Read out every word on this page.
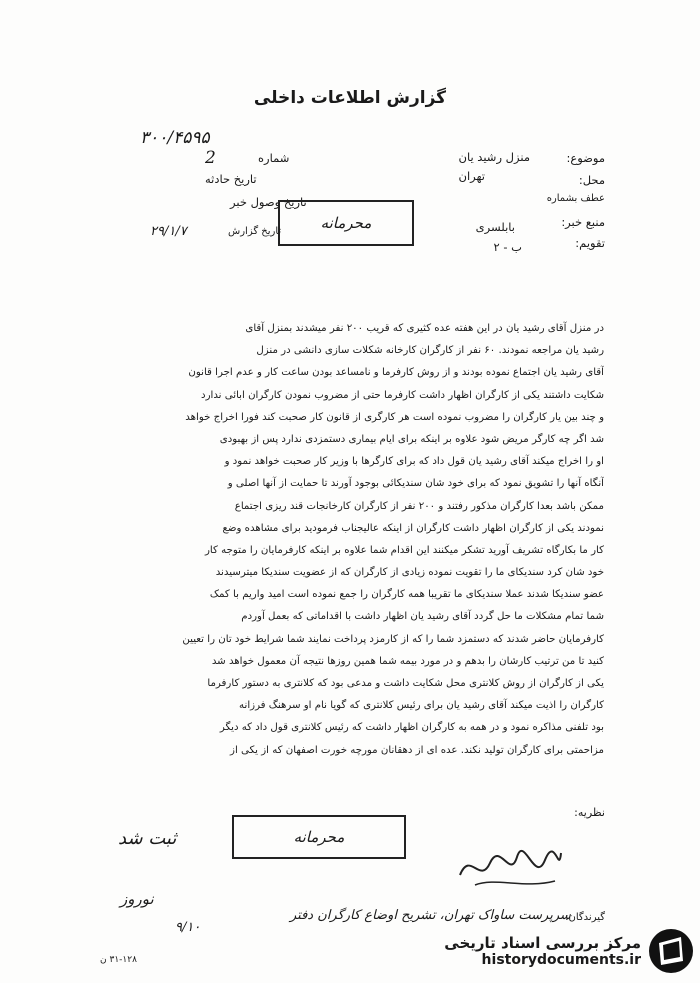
گزارش اطلاعات داخلی
موضوع:
منزل رشید یان
محل:
تهران
عطف بشماره
منبع خبر:
بابلسری
تقویم:
ب - ۲
۳۰۰/۴۵۹۵
2	شماره
تاریخ حادثه
تاریخ وصول خبر
تاریخ گزارش
۲۹/۱/۷	محرمانه
در منزل آقای رشید یان در این هفته عده کثیری که قریب ۲۰۰ نفر میشدند بمنزل آقای
رشید یان مراجعه نمودند. ۶۰ نفر از کارگران کارخانه شکلات سازی دانشی در منزل
آقای رشید یان اجتماع نموده بودند و از روش کارفرما و نامساعد بودن ساعت کار و عدم اجرا قانون
شکایت داشتند یکی از کارگران اظهار داشت کارفرما حتی از مضروب نمودن کارگران ابائی ندارد
و چند بین یار کارگران را مضروب نموده است هر کارگری از قانون کار صحبت کند فورا اخراج خواهد
شد اگر چه کارگر مریض شود علاوه بر اینکه برای ایام بیماری دستمزدی ندارد پس از بهبودی
او را اخراج میکند آقای رشید یان قول داد که برای کارگرها با وزیر کار صحبت خواهد نمود و
آنگاه آنها را تشویق نمود که برای خود شان سندیکائی بوجود آورند تا حمایت از آنها اصلی و
ممکن باشد بعدا کارگران مذکور رفتند و ۲۰۰ نفر از کارگران کارخانجات قند ریزی اجتماع
نمودند یکی از کارگران اظهار داشت کارگران از اینکه عالیجناب فرمودید برای مشاهده وضع
کار ما بکارگاه تشریف آورید تشکر میکنند این اقدام شما علاوه بر اینکه کارفرمایان را متوجه کار
خود شان کرد سندیکای ما را تقویت نموده زیادی از کارگران که از عضویت سندیکا میترسیدند
عضو سندیکا شدند عملا سندیکای ما تقریبا همه کارگران را جمع نموده است امید واریم با کمک
شما تمام مشکلات ما حل گردد آقای رشید یان اظهار داشت با اقداماتی که بعمل آوردم
کارفرمایان حاضر شدند که دستمزد شما را که از کارمزد پرداخت نمایند شما شرایط خود تان را تعیین
کنید تا من ترتیب کارشان را بدهم و در مورد بیمه شما همین روزها نتیجه آن معمول خواهد شد
یکی از کارگران از روش کلانتری محل شکایت داشت و مدعی بود که کلانتری به دستور کارفرما
کارگران را اذیت میکند آقای رشید یان برای رئیس کلانتری که گویا نام او سرهنگ فرزانه
بود تلفنی مذاکره نمود و در همه به کارگران اظهار داشت که رئیس کلانتری قول داد که دیگر
مزاحمتی برای کارگران تولید نکند. عده ای از دهقانان مورچه خورت اصفهان که از یکی از
نظریه:
محرمانه
ثبت شد
نوروز
۹/۱۰
گیرندگان:
سرپرست ساواک تهران، تشریح اوضاع کارگران دفتر
۳۱-۱۲۸ ن
مرکز بررسی اسناد تاریخی
historydocuments.ir
